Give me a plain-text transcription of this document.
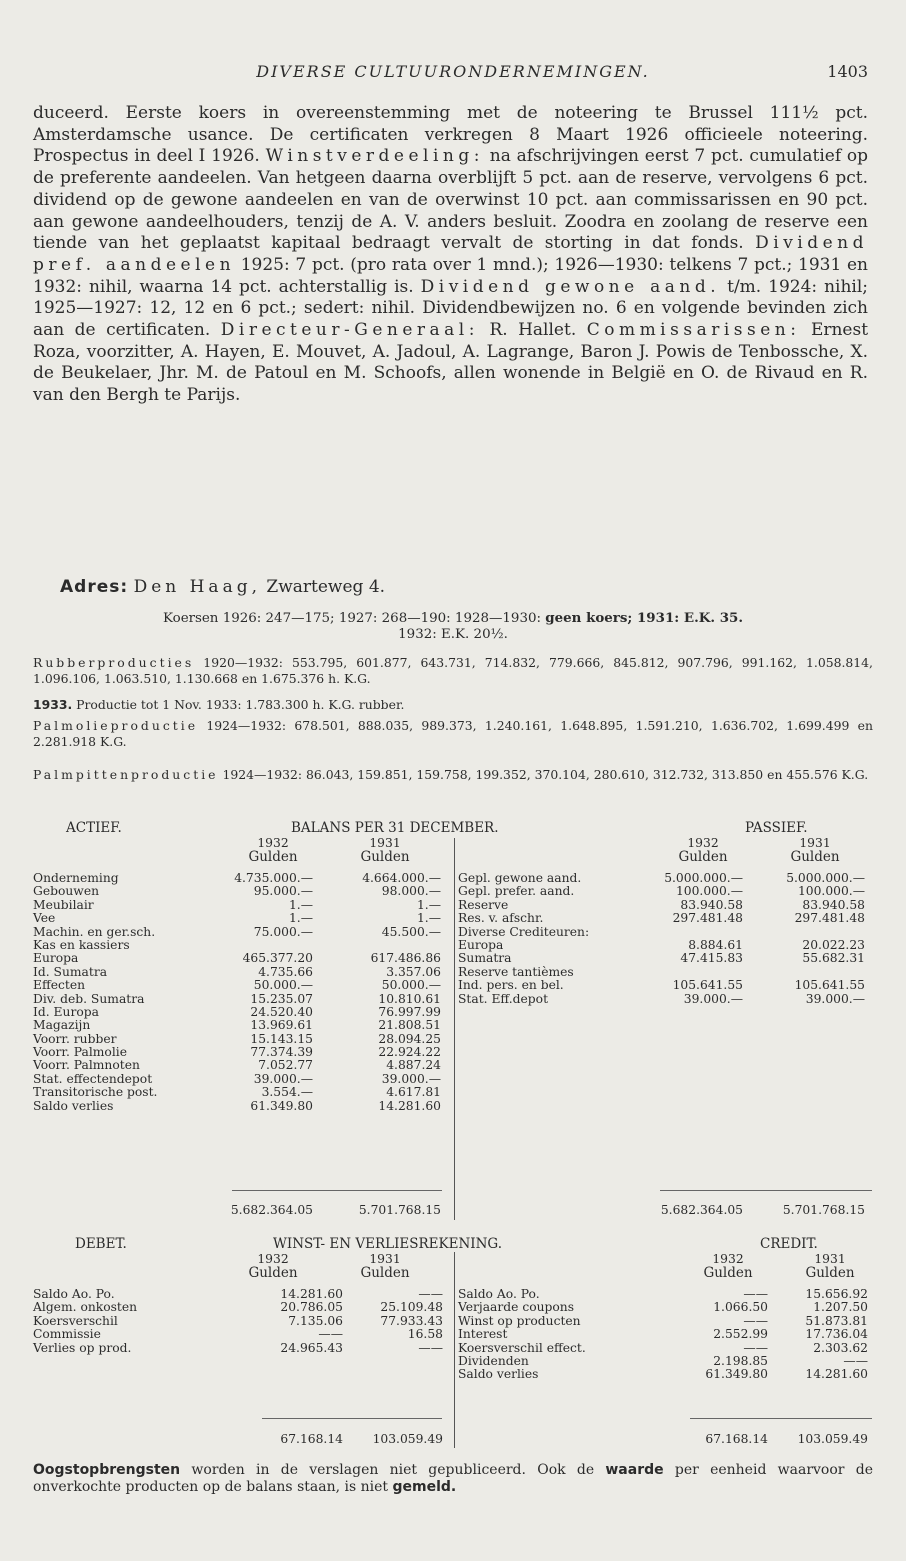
DIVERSE CULTUURONDERNEMINGEN.	1403
duceerd. Eerste koers in overeenstemming met de noteering te Brussel 111½ pct. Amsterdamsche usance. De certificaten verkregen 8 Maart 1926 officieele noteering. Prospectus in deel I 1926. Winstverdeeling: na afschrijvingen eerst 7 pct. cumulatief op de preferente aandeelen. Van hetgeen daarna overblijft 5 pct. aan de reserve, vervolgens 6 pct. dividend op de gewone aandeelen en van de overwinst 10 pct. aan commissarissen en 90 pct. aan gewone aandeelhouders, tenzij de A. V. anders besluit. Zoodra en zoolang de reserve een tiende van het geplaatst kapitaal bedraagt vervalt de storting in dat fonds. Dividend pref. aandeelen 1925: 7 pct. (pro rata over 1 mnd.); 1926—1930: telkens 7 pct.; 1931 en 1932: nihil, waarna 14 pct. achterstallig is. Dividend gewone aand. t/m. 1924: nihil; 1925—1927: 12, 12 en 6 pct.; sedert: nihil. Dividendbewijzen no. 6 en volgende bevinden zich aan de certificaten. Directeur-Generaal: R. Hallet. Commissarissen: Ernest Roza, voorzitter, A. Hayen, E. Mouvet, A. Jadoul, A. Lagrange, Baron J. Powis de Tenbossche, X. de Beukelaer, Jhr. M. de Patoul en M. Schoofs, allen wonende in België en O. de Rivaud en R. van den Bergh te Parijs.
Adres: Den Haag, Zwarteweg 4.
Koersen 1926: 247—175; 1927: 268—190: 1928—1930: geen koers; 1931: E.K. 35.
1932: E.K. 20½.
Rubberproducties 1920—1932: 553.795, 601.877, 643.731, 714.832, 779.666, 845.812, 907.796, 991.162, 1.058.814, 1.096.106, 1.063.510, 1.130.668 en 1.675.376 h. K.G.
1933. Productie tot 1 Nov. 1933: 1.783.300 h. K.G. rubber.
Palmolieproductie 1924—1932: 678.501, 888.035, 989.373, 1.240.161, 1.648.895, 1.591.210, 1.636.702, 1.699.499 en 2.281.918 K.G.
Palmpittenproductie 1924—1932: 86.043, 159.851, 159.758, 199.352, 370.104, 280.610, 312.732, 313.850 en 455.576 K.G.
ACTIEF.	BALANS PER 31 DECEMBER.	PASSIEF.
1932	1931	1932	1931
Gulden	Gulden	Gulden	Gulden
Onderneming	4.735.000.—	4.664.000.—
Gebouwen	95.000.—	98.000.—
Meubilair	1.—	1.—
Vee	1.—	1.—
Machin. en ger.sch.	75.000.—	45.500.—
Kas en kassiers
Europa	465.377.20	617.486.86
Id. Sumatra	4.735.66	3.357.06
Effecten	50.000.—	50.000.—
Div. deb. Sumatra	15.235.07	10.810.61
Id. Europa	24.520.40	76.997.99
Magazijn	13.969.61	21.808.51
Voorr. rubber	15.143.15	28.094.25
Voorr. Palmolie	77.374.39	22.924.22
Voorr. Palmnoten	7.052.77	4.887.24
Stat. effectendepot	39.000.—	39.000.—
Transitorische post.	3.554.—	4.617.81
Saldo verlies	61.349.80	14.281.60
Gepl. gewone aand.	5.000.000.—	5.000.000.—
Gepl. prefer. aand.	100.000.—	100.000.—
Reserve	83.940.58	83.940.58
Res. v. afschr.	297.481.48	297.481.48
Diverse Crediteuren:
Europa	8.884.61	20.022.23
Sumatra	47.415.83	55.682.31
Reserve tantièmes
Ind. pers. en bel.	105.641.55	105.641.55
Stat. Eff.depot	39.000.—	39.000.—
5.682.364.05	5.701.768.15	5.682.364.05	5.701.768.15
DEBET.	WINST- EN VERLIESREKENING.	CREDIT.
1932	1931	1932	1931
Gulden	Gulden	Gulden	Gulden
Saldo Ao. Po.	14.281.60	——
Algem. onkosten	20.786.05	25.109.48
Koersverschil	7.135.06	77.933.43
Commissie	——	16.58
Verlies op prod.	24.965.43	——
Saldo Ao. Po.	——	15.656.92
Verjaarde coupons	1.066.50	1.207.50
Winst op producten	——	51.873.81
Interest	2.552.99	17.736.04
Koersverschil effect.	——	2.303.62
Dividenden	2.198.85	——
Saldo verlies	61.349.80	14.281.60
67.168.14	103.059.49	67.168.14	103.059.49
Oogstopbrengsten worden in de verslagen niet gepubliceerd. Ook de waarde per eenheid waarvoor de onverkochte producten op de balans staan, is niet gemeld.
